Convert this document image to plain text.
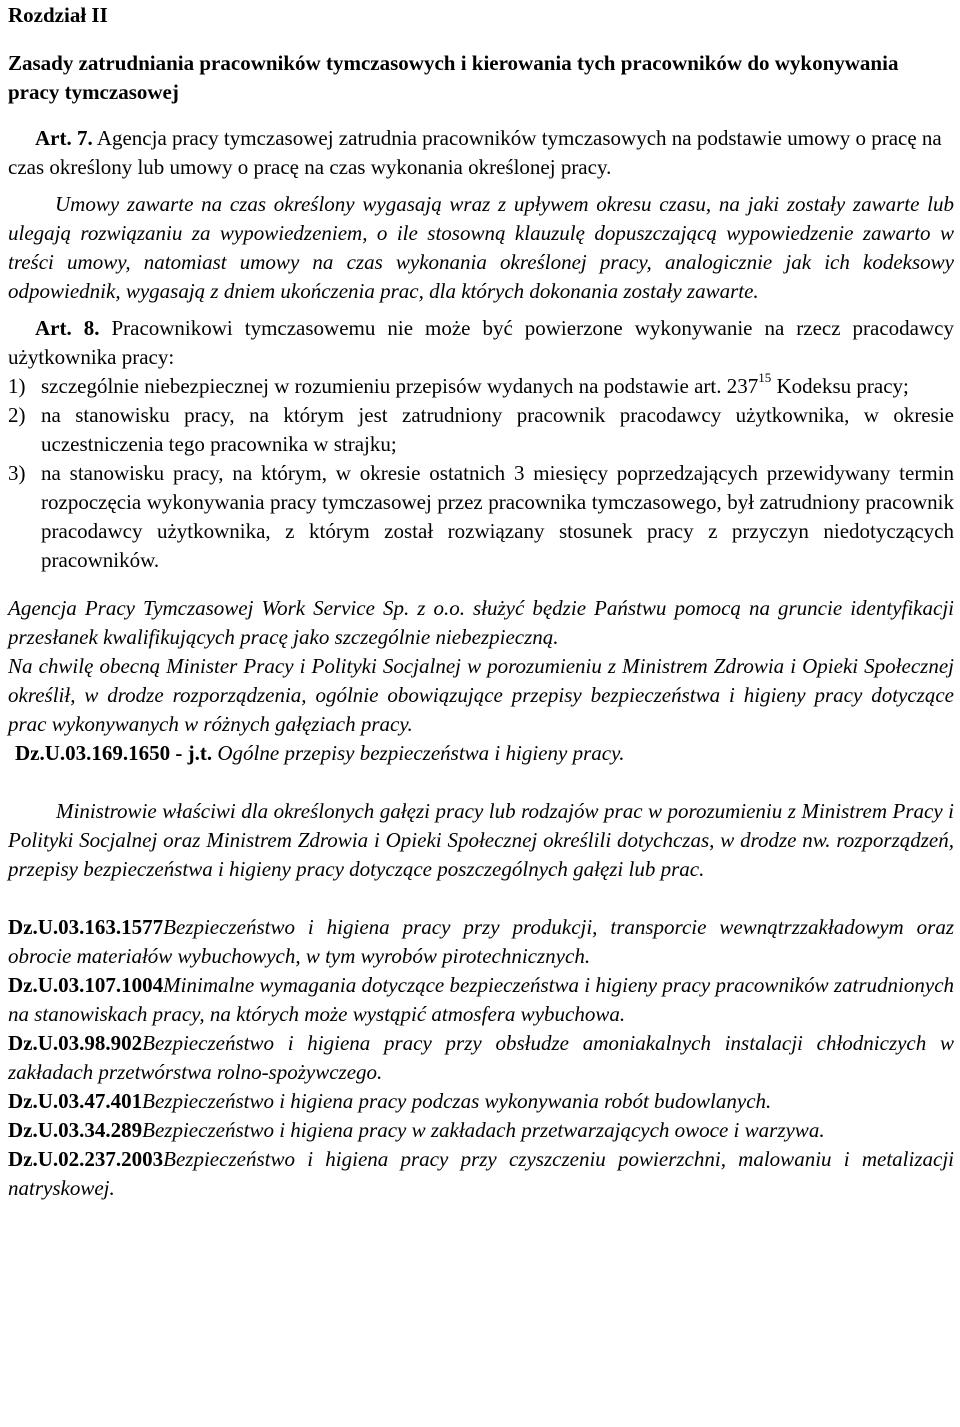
Rozdział II
Zasady zatrudniania pracowników tymczasowych i kierowania tych pracowników do wykonywania pracy tymczasowej
Art. 7. Agencja pracy tymczasowej zatrudnia pracowników tymczasowych na podstawie umowy o pracę na czas określony lub umowy o pracę na czas wykonania określonej pracy.
Umowy zawarte na czas określony wygasają wraz z upływem okresu czasu, na jaki zostały zawarte lub ulegają rozwiązaniu za wypowiedzeniem, o ile stosowną klauzulę dopuszczającą wypowiedzenie zawarto w treści umowy, natomiast umowy na czas wykonania określonej pracy, analogicznie jak ich kodeksowy odpowiednik, wygasają z dniem ukończenia prac, dla których dokonania zostały zawarte.
Art. 8. Pracownikowi tymczasowemu nie może być powierzone wykonywanie na rzecz pracodawcy użytkownika pracy:
1) szczególnie niebezpiecznej w rozumieniu przepisów wydanych na podstawie art. $237^{15}$ Kodeksu pracy;
2) na stanowisku pracy, na którym jest zatrudniony pracownik pracodawcy użytkownika, w okresie uczestniczenia tego pracownika w strajku;
3) na stanowisku pracy, na którym, w okresie ostatnich 3 miesięcy poprzedzających przewidywany termin rozpoczęcia wykonywania pracy tymczasowej przez pracownika tymczasowego, był zatrudniony pracownik pracodawcy użytkownika, z którym został rozwiązany stosunek pracy z przyczyn niedotyczących pracowników.
Agencja Pracy Tymczasowej Work Service Sp. z o.o. służyć będzie Państwu pomocą na gruncie identyfikacji przesłanek kwalifikujących pracę jako szczególnie niebezpieczną.
Na chwilę obecną Minister Pracy i Polityki Socjalnej w porozumieniu z Ministrem Zdrowia i Opieki Społecznej określił, w drodze rozporządzenia, ogólnie obowiązujące przepisy bezpieczeństwa i higieny pracy dotyczące prac wykonywanych w różnych gałęziach pracy.
Dz.U.03.169.1650 - j.t. Ogólne przepisy bezpieczeństwa i higieny pracy.
Ministrowie właściwi dla określonych gałęzi pracy lub rodzajów prac w porozumieniu z Ministrem Pracy i Polityki Socjalnej oraz Ministrem Zdrowia i Opieki Społecznej określili dotychczas, w drodze nw. rozporządzeń, przepisy bezpieczeństwa i higieny pracy dotyczące poszczególnych gałęzi lub prac.
Dz.U.03.163.1577Bezpieczeństwo i higiena pracy przy produkcji, transporcie wewnątrzzakładowym oraz obrocie materiałów wybuchowych, w tym wyrobów pirotechnicznych.
Dz.U.03.107.1004Minimalne wymagania dotyczące bezpieczeństwa i higieny pracy pracowników zatrudnionych na stanowiskach pracy, na których może wystąpić atmosfera wybuchowa.
Dz.U.03.98.902Bezpieczeństwo i higiena pracy przy obsłudze amoniakalnych instalacji chłodniczych w zakładach przetwórstwa rolno-spożywczego.
Dz.U.03.47.401Bezpieczeństwo i higiena pracy podczas wykonywania robót budowlanych.
Dz.U.03.34.289Bezpieczeństwo i higiena pracy w zakładach przetwarzających owoce i warzywa.
Dz.U.02.237.2003Bezpieczeństwo i higiena pracy przy czyszczeniu powierzchni, malowaniu i metalizacji natryskowej.
